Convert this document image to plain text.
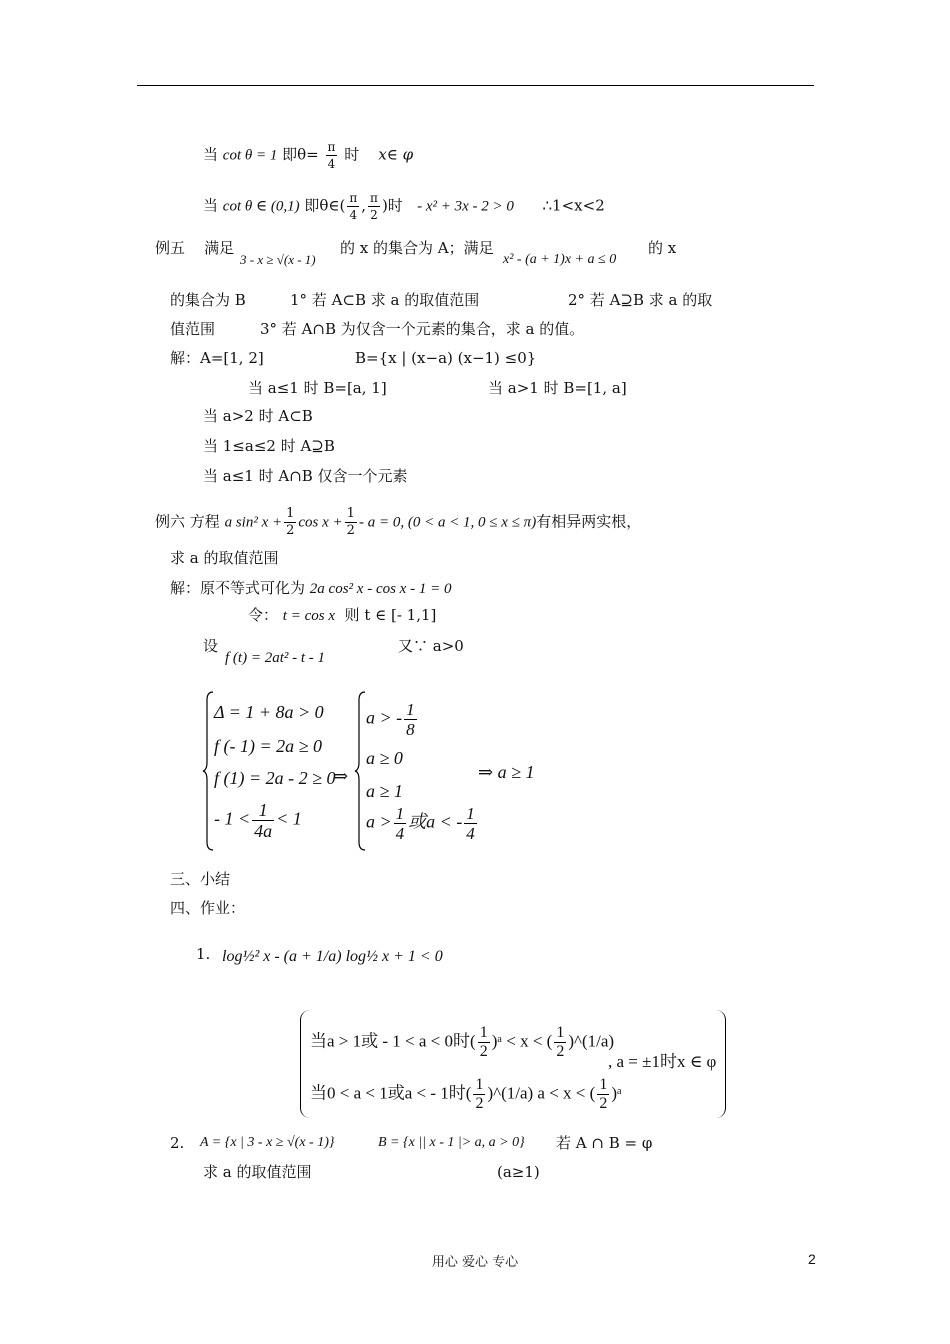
当 cot θ = 1 即$\theta= \frac{\pi}{4}$ 时 x∈ φ
当 cot θ ∈ (0,1) 即θ∈( $\frac{\pi}{4}$ , $\frac{\pi}{2}$ )时 - x² + 3x - 2 > 0 ∴1<x<2
例五 满足
3 - x ≥ √(x - 1)
的 x 的集合为 A；满足
x² - (a + 1)x + a ≤ 0
的 x
的集合为 B	1° 若 A⊂B 求 a 的取值范围	2° 若 A⊇B 求 a 的取
值范围	3° 若 A∩B 为仅含一个元素的集合，求 a 的值。
解：A=[1, 2]	B={x | (x−a) (x−1) ≤0}
当 a≤1 时 B=[a, 1]	当 a>1 时 B=[1, a]
当 a>2 时 A⊂B
当 1≤a≤2 时 A⊇B
当 a≤1 时 A∩B 仅含一个元素
例六 方程 a sin² $x + \frac{1}{2}$ $\cos x + \frac{1}{2} - a = 0$, (0 < a < 1, 0 ≤ x ≤ π)有相异两实根，
求 a 的取值范围
解：原不等式可化为 2a cos² x - cos x - 1 = 0
令： t = cos x 则 t ∈ [- 1,1]
设
f (t) = 2at² - t - 1
又∵ a>0
Δ = 1 + 8a > 0
f (- 1) = 2a ≥ 0
f (1) = 2a - 2 ≥ 0
- $1 < \frac{1}{4a} < 1$
⇒
a > - $\frac{1}{8}$
a ≥ 0
a ≥ 1
$a > \frac{1}{4}$ 或a < - $\frac{1}{4}$
⇒ a ≥ 1
三、小结
四、作业：
1. log½² x - (a + 1/a) log½ x + 1 < 0
当a > 1或 - 1 < a < 0时( $\frac{1}{2}$ )ᵃ < x < ( $\frac{1}{2}$ )^(1/a)
, a = ±1时x ∈ φ
当0 < a < 1或a < - 1时( $\frac{1}{2}$ )^(1/a) a < x < ( $\frac{1}{2}$ )ᵃ
2. A = {x | 3 - x ≥ √(x - 1)}	B = {x || x - 1 |> a, a > 0} 若 A ∩ B = φ
求 a 的取值范围	(a≥1)
用心 爱心 专心	2
